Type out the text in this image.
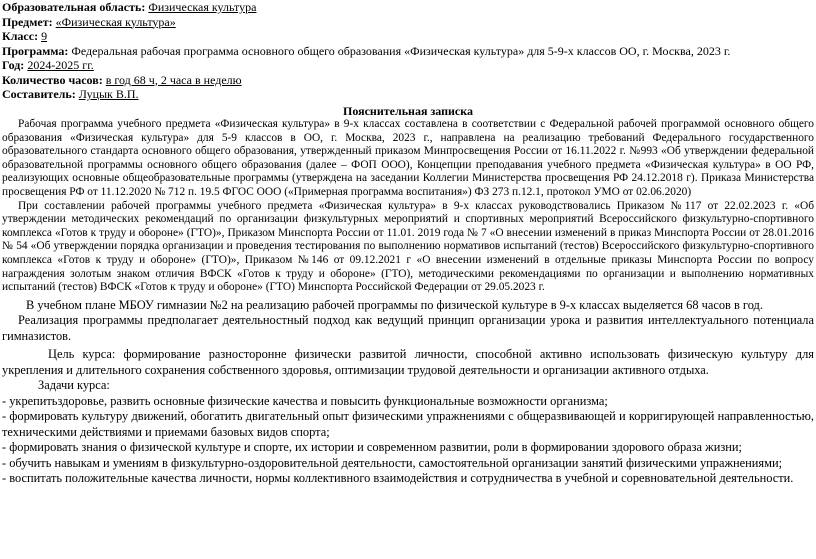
Образовательная область: Физическая культура
Предмет: «Физическая культура»
Класс: 9
Программа: Федеральная рабочая программа основного общего образования «Физическая культура» для 5-9-х классов ОО, г. Москва, 2023 г.
Год: 2024-2025 гг.
Количество часов: в год 68 ч, 2 часа в неделю
Составитель: Луцык В.П.
Пояснительная записка

Рабочая программа учебного предмета «Физическая культура» в 9-х классах составлена в соответствии с Федеральной рабочей программой основного общего образования «Физическая культура» для 5-9 классов в ОО, г. Москва, 2023 г., направлена на реализацию требований Федерального государственного образовательного стандарта основного общего образования, утвержденный приказом Минпросвещения России от 16.11.2022 г. №993 «Об утверждении федеральной образовательной программы основного общего образования (далее – ФОП ООО), Концепции преподавания учебного предмета «Физическая культура» в ОО РФ, реализующих основные общеобразовательные программы (утверждена на заседании Коллегии Министерства просвещения РФ 24.12.2018 г). Приказа Министерства просвещения РФ от 11.12.2020 № 712 п. 19.5 ФГОС ООО («Примерная программа воспитания») ФЗ 273 п.12.1, протокол УМО от 02.06.2020)

При составлении рабочей программы учебного предмета «Физическая культура» в 9-х классах руководствовались Приказом №117 от 22.02.2023 г. «Об утверждении методических рекомендаций по организации физкультурных мероприятий и спортивных мероприятий Всероссийского физкультурно-спортивного комплекса «Готов к труду и обороне» (ГТО)», Приказом Минспорта России от 11.01. 2019 года № 7 «О внесении изменений в приказ Минспорта России от 28.01.2016 № 54 «Об утверждении порядка организации и проведения тестирования по выполнению нормативов испытаний (тестов) Всероссийского физкультурно-спортивного комплекса «Готов к труду и обороне» (ГТО)», Приказом №146 от 09.12.2021 г «О внесении изменений в отдельные приказы Минспорта России по вопросу награждения золотым знаком отличия ВФСК «Готов к труду и обороне» (ГТО), методическими рекомендациями по организации и выполнению нормативных испытаний (тестов) ВФСК «Готов к труду и обороне» (ГТО) Минспорта Российской Федерации от 29.05.2023 г.

В учебном плане МБОУ гимназии №2 на реализацию рабочей программы по физической культуре в 9-х классах выделяется 68 часов в год.

Реализация программы предполагает деятельностный подход как ведущий принцип организации урока и развития интеллектуального потенциала гимназистов.

Цель курса: формирование разносторонне физически развитой личности, способной активно использовать физическую культуру для укрепления и длительного сохранения собственного здоровья, оптимизации трудовой деятельности и организации активного отдыха.

Задачи курса:

- укрепитьздоровье, развить основные физические качества и повысить функциональные возможности организма;

- формировать культуру движений, обогатить двигательный опыт физическими упражнениями с общеразвивающей и корригирующей направленностью, техническими действиями и приемами базовых видов спорта;

- формировать знания о физической культуре и спорте, их истории и современном развитии, роли в формировании здорового образа жизни;

- обучить навыкам и умениям в физкультурно-оздоровительной деятельности, самостоятельной организации занятий физическими упражнениями;

- воспитать положительные качества личности, нормы коллективного взаимодействия и сотрудничества в учебной и соревновательной деятельности.
